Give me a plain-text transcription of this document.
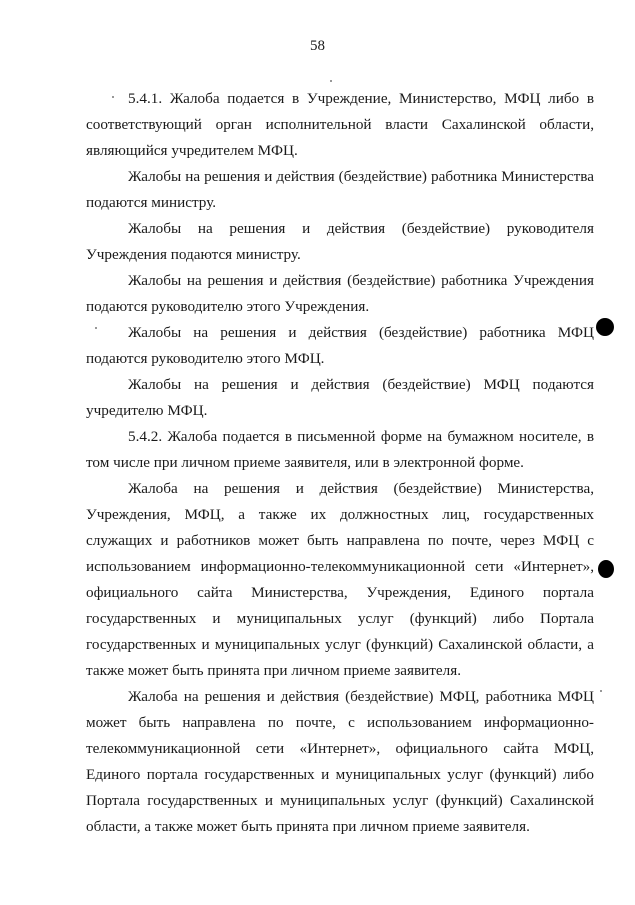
58

5.4.1. Жалоба подается в Учреждение, Министерство, МФЦ либо в соответствующий орган исполнительной власти Сахалинской области, являющийся учредителем МФЦ.

Жалобы на решения и действия (бездействие) работника Министерства подаются министру.

Жалобы на решения и действия (бездействие) руководителя Учреждения подаются министру.

Жалобы на решения и действия (бездействие) работника Учреждения подаются руководителю этого Учреждения.

Жалобы на решения и действия (бездействие) работника МФЦ подаются руководителю этого МФЦ.

Жалобы на решения и действия (бездействие) МФЦ подаются учредителю МФЦ.

5.4.2. Жалоба подается в письменной форме на бумажном носителе, в том числе при личном приеме заявителя, или в электронной форме.

Жалоба на решения и действия (бездействие) Министерства, Учреждения, МФЦ, а также их должностных лиц, государственных служащих и работников может быть направлена по почте, через МФЦ с использованием информационно-телекоммуникационной сети «Интернет», официального сайта Министерства, Учреждения, Единого портала государственных и муниципальных услуг (функций) либо Портала государственных и муниципальных услуг (функций) Сахалинской области, а также может быть принята при личном приеме заявителя.

Жалоба на решения и действия (бездействие) МФЦ, работника МФЦ может быть направлена по почте, с использованием информационно-телекоммуникационной сети «Интернет», официального сайта МФЦ, Единого портала государственных и муниципальных услуг (функций) либо Портала государственных и муниципальных услуг (функций) Сахалинской области, а также может быть принята при личном приеме заявителя.
